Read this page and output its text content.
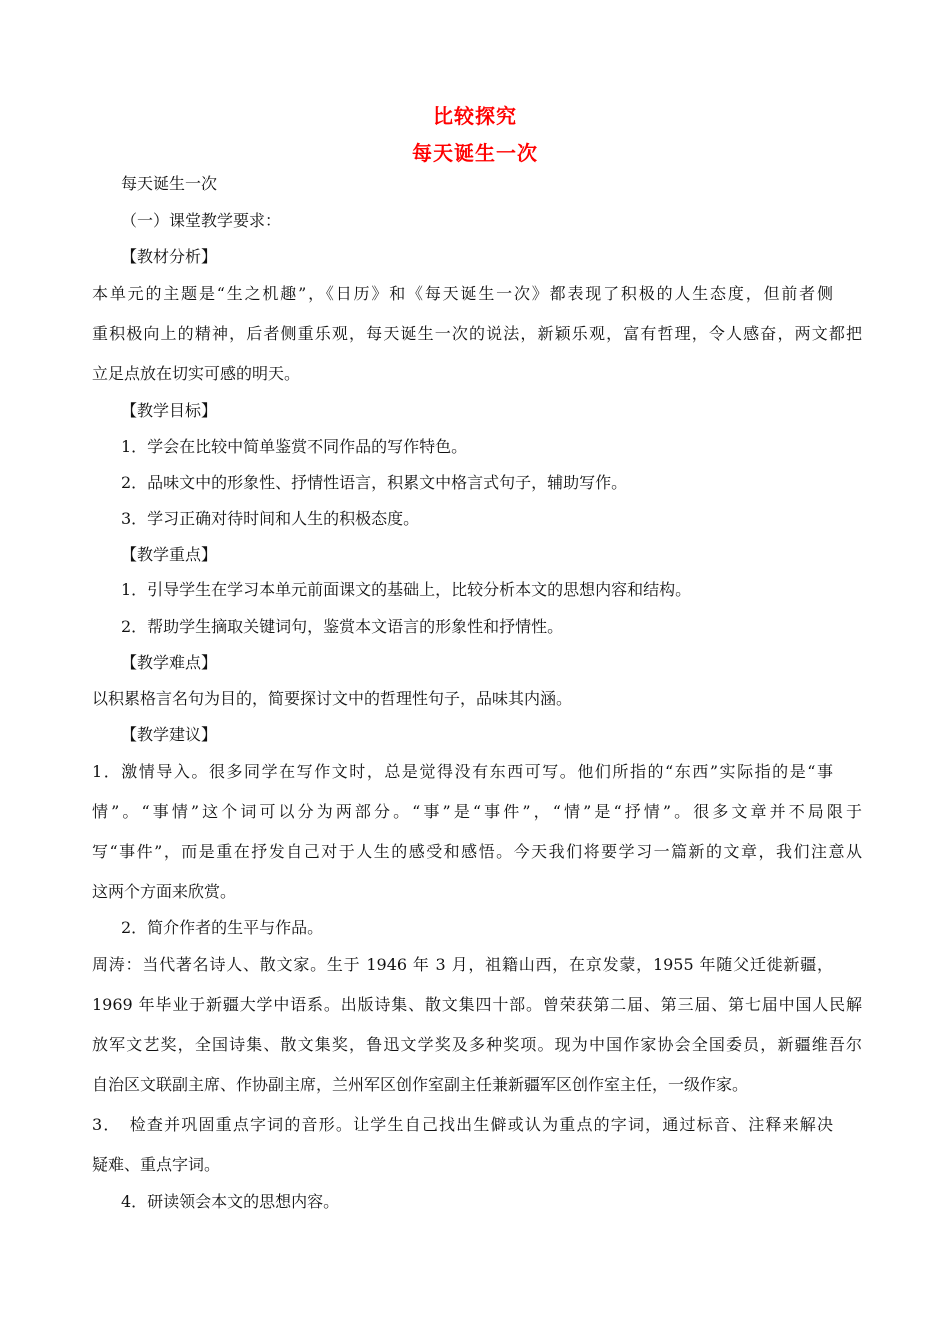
比较探究
每天诞生一次
每天诞生一次
（一）课堂教学要求：
【教材分析】
本单元的主题是“生之机趣”，《日历》和《每天诞生一次》都表现了积极的人生态度，但前者侧
重积极向上的精神，后者侧重乐观，每天诞生一次的说法，新颖乐观，富有哲理，令人感奋，两文都把
立足点放在切实可感的明天。
【教学目标】
1．学会在比较中简单鉴赏不同作品的写作特色。
2．品味文中的形象性、抒情性语言，积累文中格言式句子，辅助写作。
3．学习正确对待时间和人生的积极态度。
【教学重点】
1．引导学生在学习本单元前面课文的基础上，比较分析本文的思想内容和结构。
2．帮助学生摘取关键词句，鉴赏本文语言的形象性和抒情性。
【教学难点】
以积累格言名句为目的，简要探讨文中的哲理性句子，品味其内涵。
【教学建议】
1．激情导入。很多同学在写作文时，总是觉得没有东西可写。他们所指的“东西”实际指的是“事
情”。“事情”这个词可以分为两部分。“事”是“事件”，“情”是“抒情”。很多文章并不局限于
写“事件”，而是重在抒发自己对于人生的感受和感悟。今天我们将要学习一篇新的文章，我们注意从
这两个方面来欣赏。
2．简介作者的生平与作品。
周涛：当代著名诗人、散文家。生于 1946 年 3 月，祖籍山西，在京发蒙，1955 年随父迁徙新疆，
1969 年毕业于新疆大学中语系。出版诗集、散文集四十部。曾荣获第二届、第三届、第七届中国人民解
放军文艺奖，全国诗集、散文集奖，鲁迅文学奖及多种奖项。现为中国作家协会全国委员，新疆维吾尔
自治区文联副主席、作协副主席，兰州军区创作室副主任兼新疆军区创作室主任，一级作家。
3．　检查并巩固重点字词的音形。让学生自己找出生僻或认为重点的字词，通过标音、注释来解决
疑难、重点字词。
4．研读领会本文的思想内容。
